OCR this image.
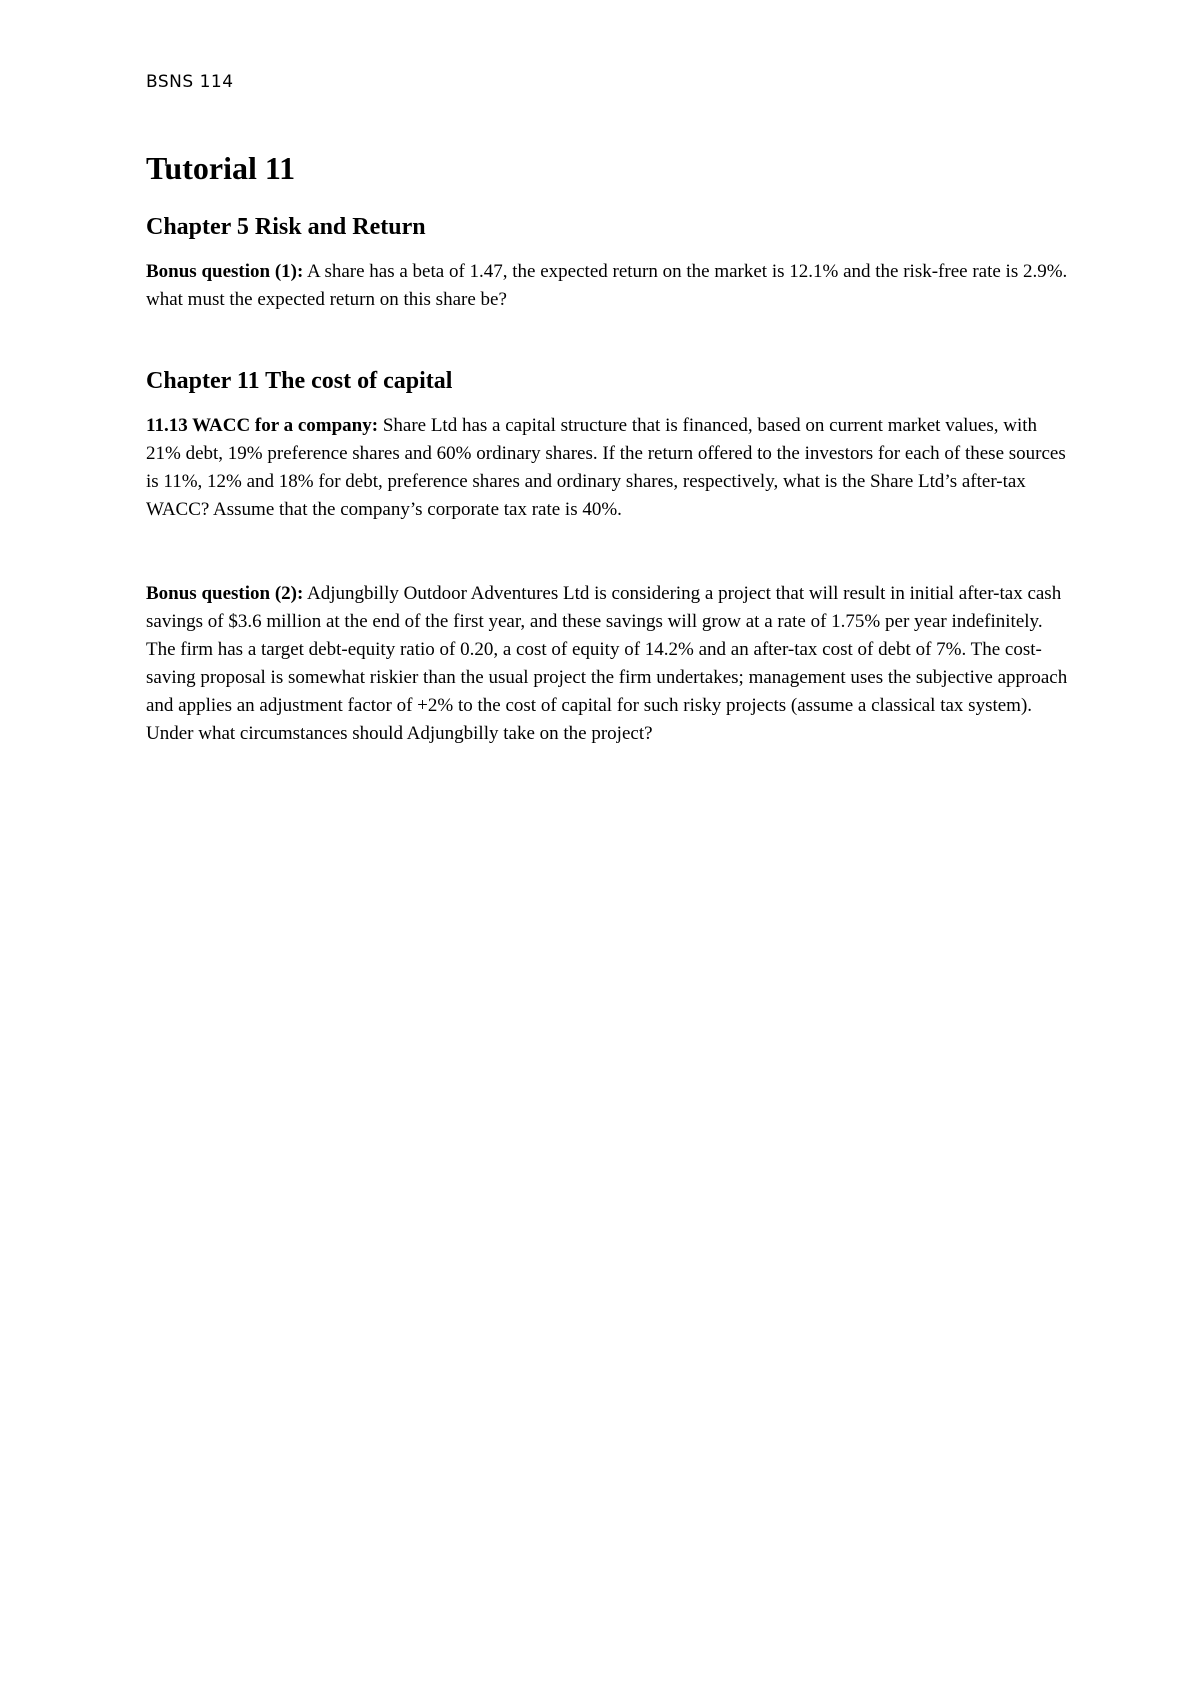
BSNS 114
Tutorial 11
Chapter 5 Risk and Return

Bonus question (1): A share has a beta of 1.47, the expected return on the market is 12.1% and the risk-free rate is 2.9%. what must the expected return on this share be?

Chapter 11 The cost of capital

11.13 WACC for a company: Share Ltd has a capital structure that is financed, based on current market values, with 21% debt, 19% preference shares and 60% ordinary shares. If the return offered to the investors for each of these sources is 11%, 12% and 18% for debt, preference shares and ordinary shares, respectively, what is the Share Ltd’s after-tax WACC? Assume that the company’s corporate tax rate is 40%.

Bonus question (2): Adjungbilly Outdoor Adventures Ltd is considering a project that will result in initial after-tax cash savings of $3.6 million at the end of the first year, and these savings will grow at a rate of 1.75% per year indefinitely. The firm has a target debt-equity ratio of 0.20, a cost of equity of 14.2% and an after-tax cost of debt of 7%. The cost-saving proposal is somewhat riskier than the usual project the firm undertakes; management uses the subjective approach and applies an adjustment factor of +2% to the cost of capital for such risky projects (assume a classical tax system). Under what circumstances should Adjungbilly take on the project?
